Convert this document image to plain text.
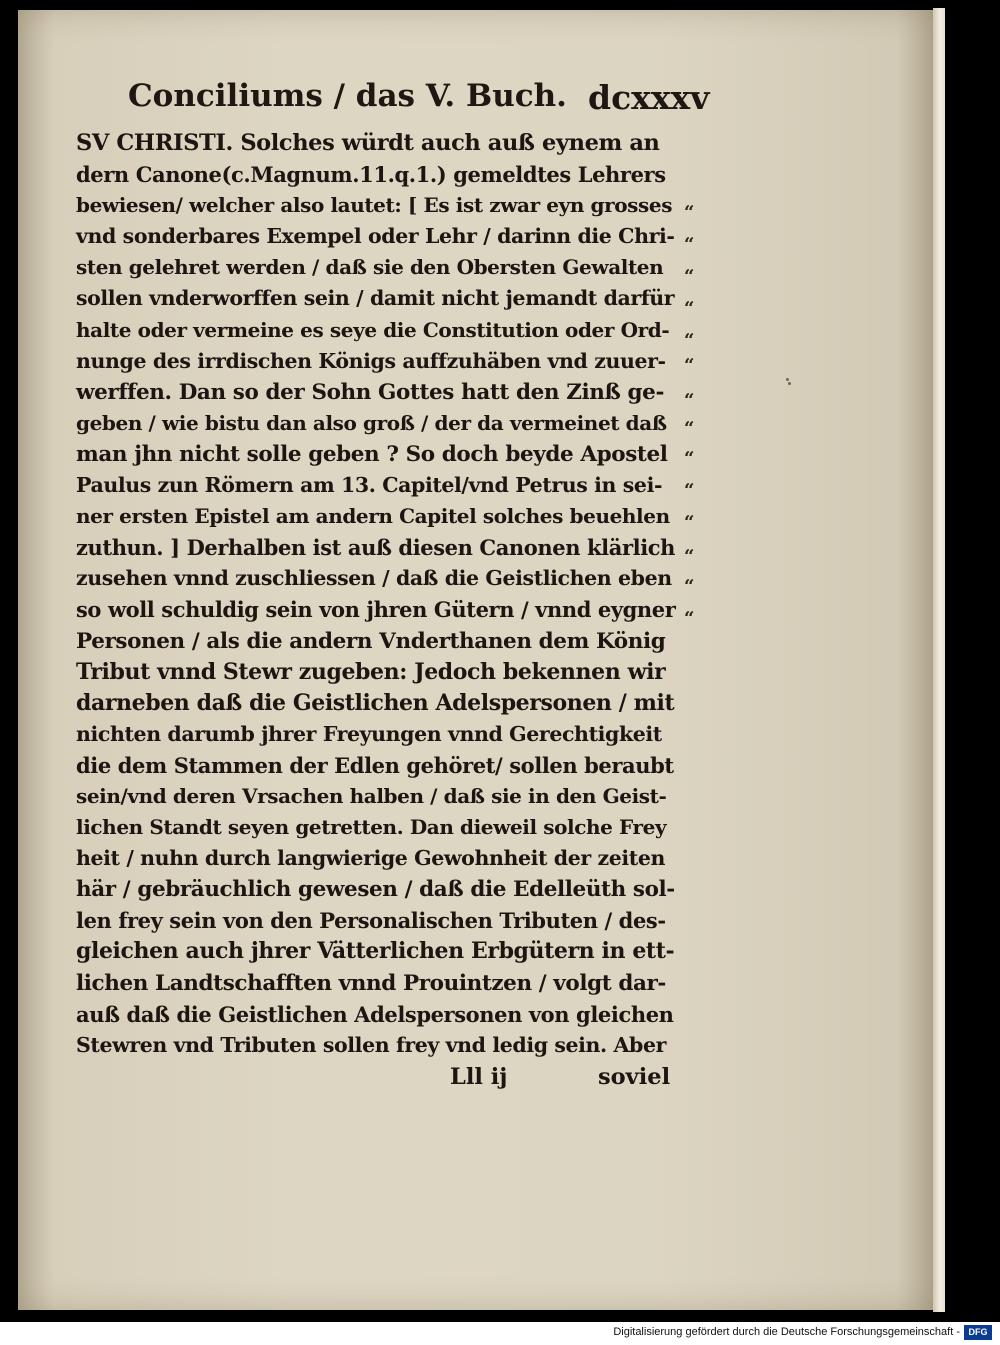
Conciliums / das V. Buch. dcxxxv
SV CHRISTI. Solches würdt auch auß eynem an
dern Canone(c.Magnum.11.q.1.) gemeldtes Lehrers
bewiesen/ welcher also lautet: [ Es ist zwar eyn grosses
vnd sonderbares Exempel oder Lehr / darinn die Chri-
sten gelehret werden / daß sie den Obersten Gewalten
sollen vnderworffen sein / damit nicht jemandt darfür
halte oder vermeine es seye die Constitution oder Ord-
nunge des irrdischen Königs auffzuhäben vnd zuuer-
werffen. Dan so der Sohn Gottes hatt den Zinß ge-
geben / wie bistu dan also groß / der da vermeinet daß
man jhn nicht solle geben ? So doch beyde Apostel
Paulus zun Römern am 13. Capitel/vnd Petrus in sei-
ner ersten Epistel am andern Capitel solches beuehlen
zuthun. ] Derhalben ist auß diesen Canonen klärlich
zusehen vnnd zuschliessen / daß die Geistlichen eben
so woll schuldig sein von jhren Gütern / vnnd eygner
Personen / als die andern Vnderthanen dem König
Tribut vnnd Stewr zugeben: Jedoch bekennen wir
darneben daß die Geistlichen Adelspersonen / mit
nichten darumb jhrer Freyungen vnnd Gerechtigkeit
die dem Stammen der Edlen gehöret/ sollen beraubt
sein/vnd deren Vrsachen halben / daß sie in den Geist-
lichen Standt seyen getretten. Dan dieweil solche Frey
heit / nuhn durch langwierige Gewohnheit der zeiten
här / gebräuchlich gewesen / daß die Edelleüth sol-
len frey sein von den Personalischen Tributen / des-
gleichen auch jhrer Vätterlichen Erbgütern in ett-
lichen Landtschafften vnnd Prouintzen / volgt dar-
auß daß die Geistlichen Adelspersonen von gleichen
Stewren vnd Tributen sollen frey vnd ledig sein. Aber
“
“
“
“
“
“
“
“
“
“
“
“
“
“
Lll ij	soviel
Digitalisierung gefördert durch die Deutsche Forschungsgemeinschaft - DFG
